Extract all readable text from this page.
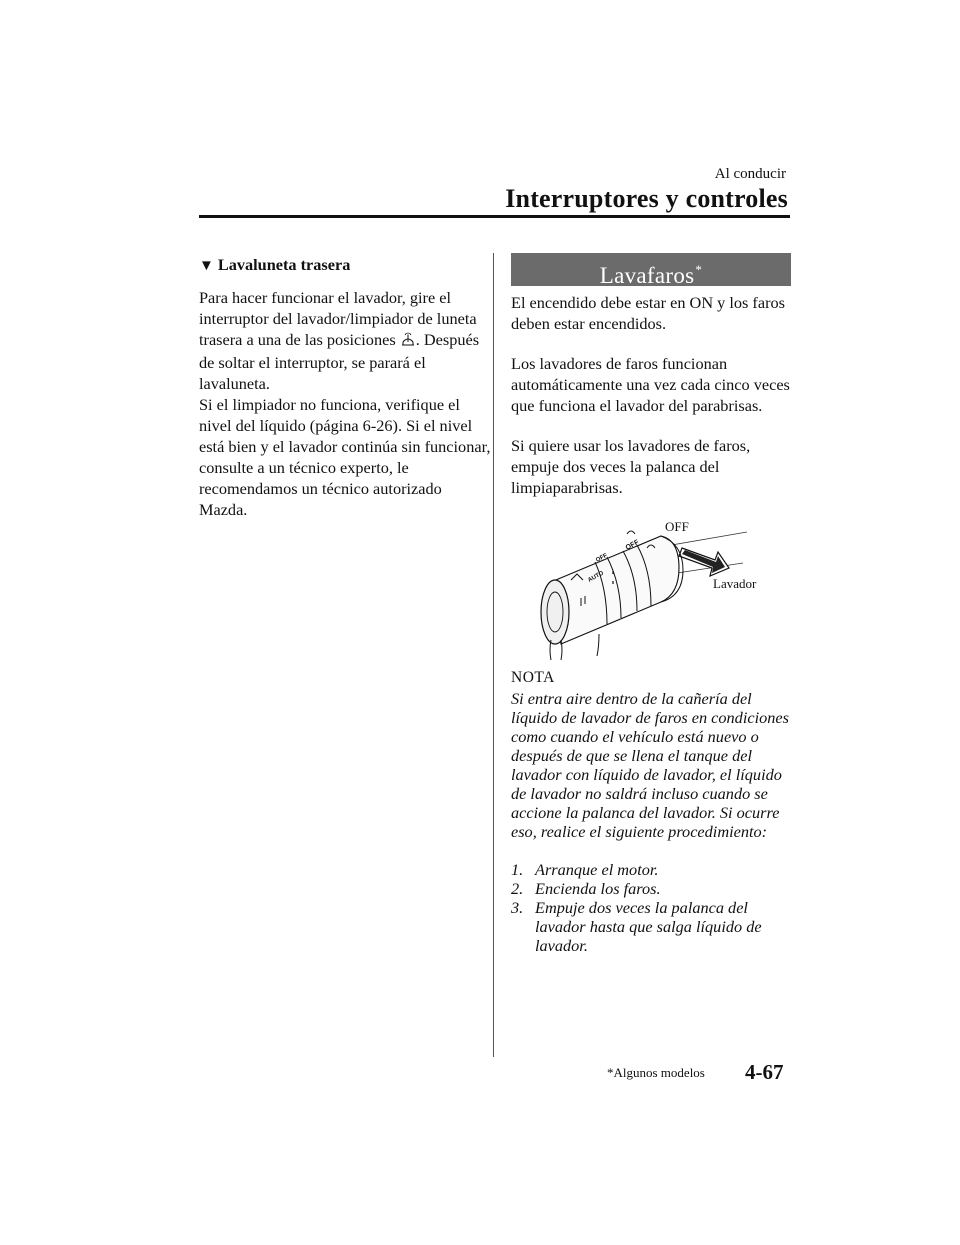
Al conducir
Interruptores y controles
▼ Lavaluneta trasera

Para hacer funcionar el lavador, gire el interruptor del lavador/limpiador de luneta trasera a una de las posiciones . Después de soltar el interruptor, se parará el lavaluneta.

Si el limpiador no funciona, verifique el nivel del líquido (página 6-26). Si el nivel está bien y el lavador continúa sin funcionar, consulte a un técnico experto, le recomendamos un técnico autorizado Mazda.

Lavafaros*

El encendido debe estar en ON y los faros deben estar encendidos.

Los lavadores de faros funcionan automáticamente una vez cada cinco veces que funciona el lavador del parabrisas.

Si quiere usar los lavadores de faros, empuje dos veces la palanca del limpiaparabrisas.

OFF
OFF
AUTO
OFF
Lavador
NOTA

Si entra aire dentro de la cañería del líquido de lavador de faros en condiciones como cuando el vehículo está nuevo o después de que se llena el tanque del lavador con líquido de lavador, el líquido de lavador no saldrá incluso cuando se accione la palanca del lavador. Si ocurre eso, realice el siguiente procedimiento:

1. Arranque el motor.
2. Encienda los faros.
3. Empuje dos veces la palanca del lavador hasta que salga líquido de lavador.
*Algunos modelos 4-67
